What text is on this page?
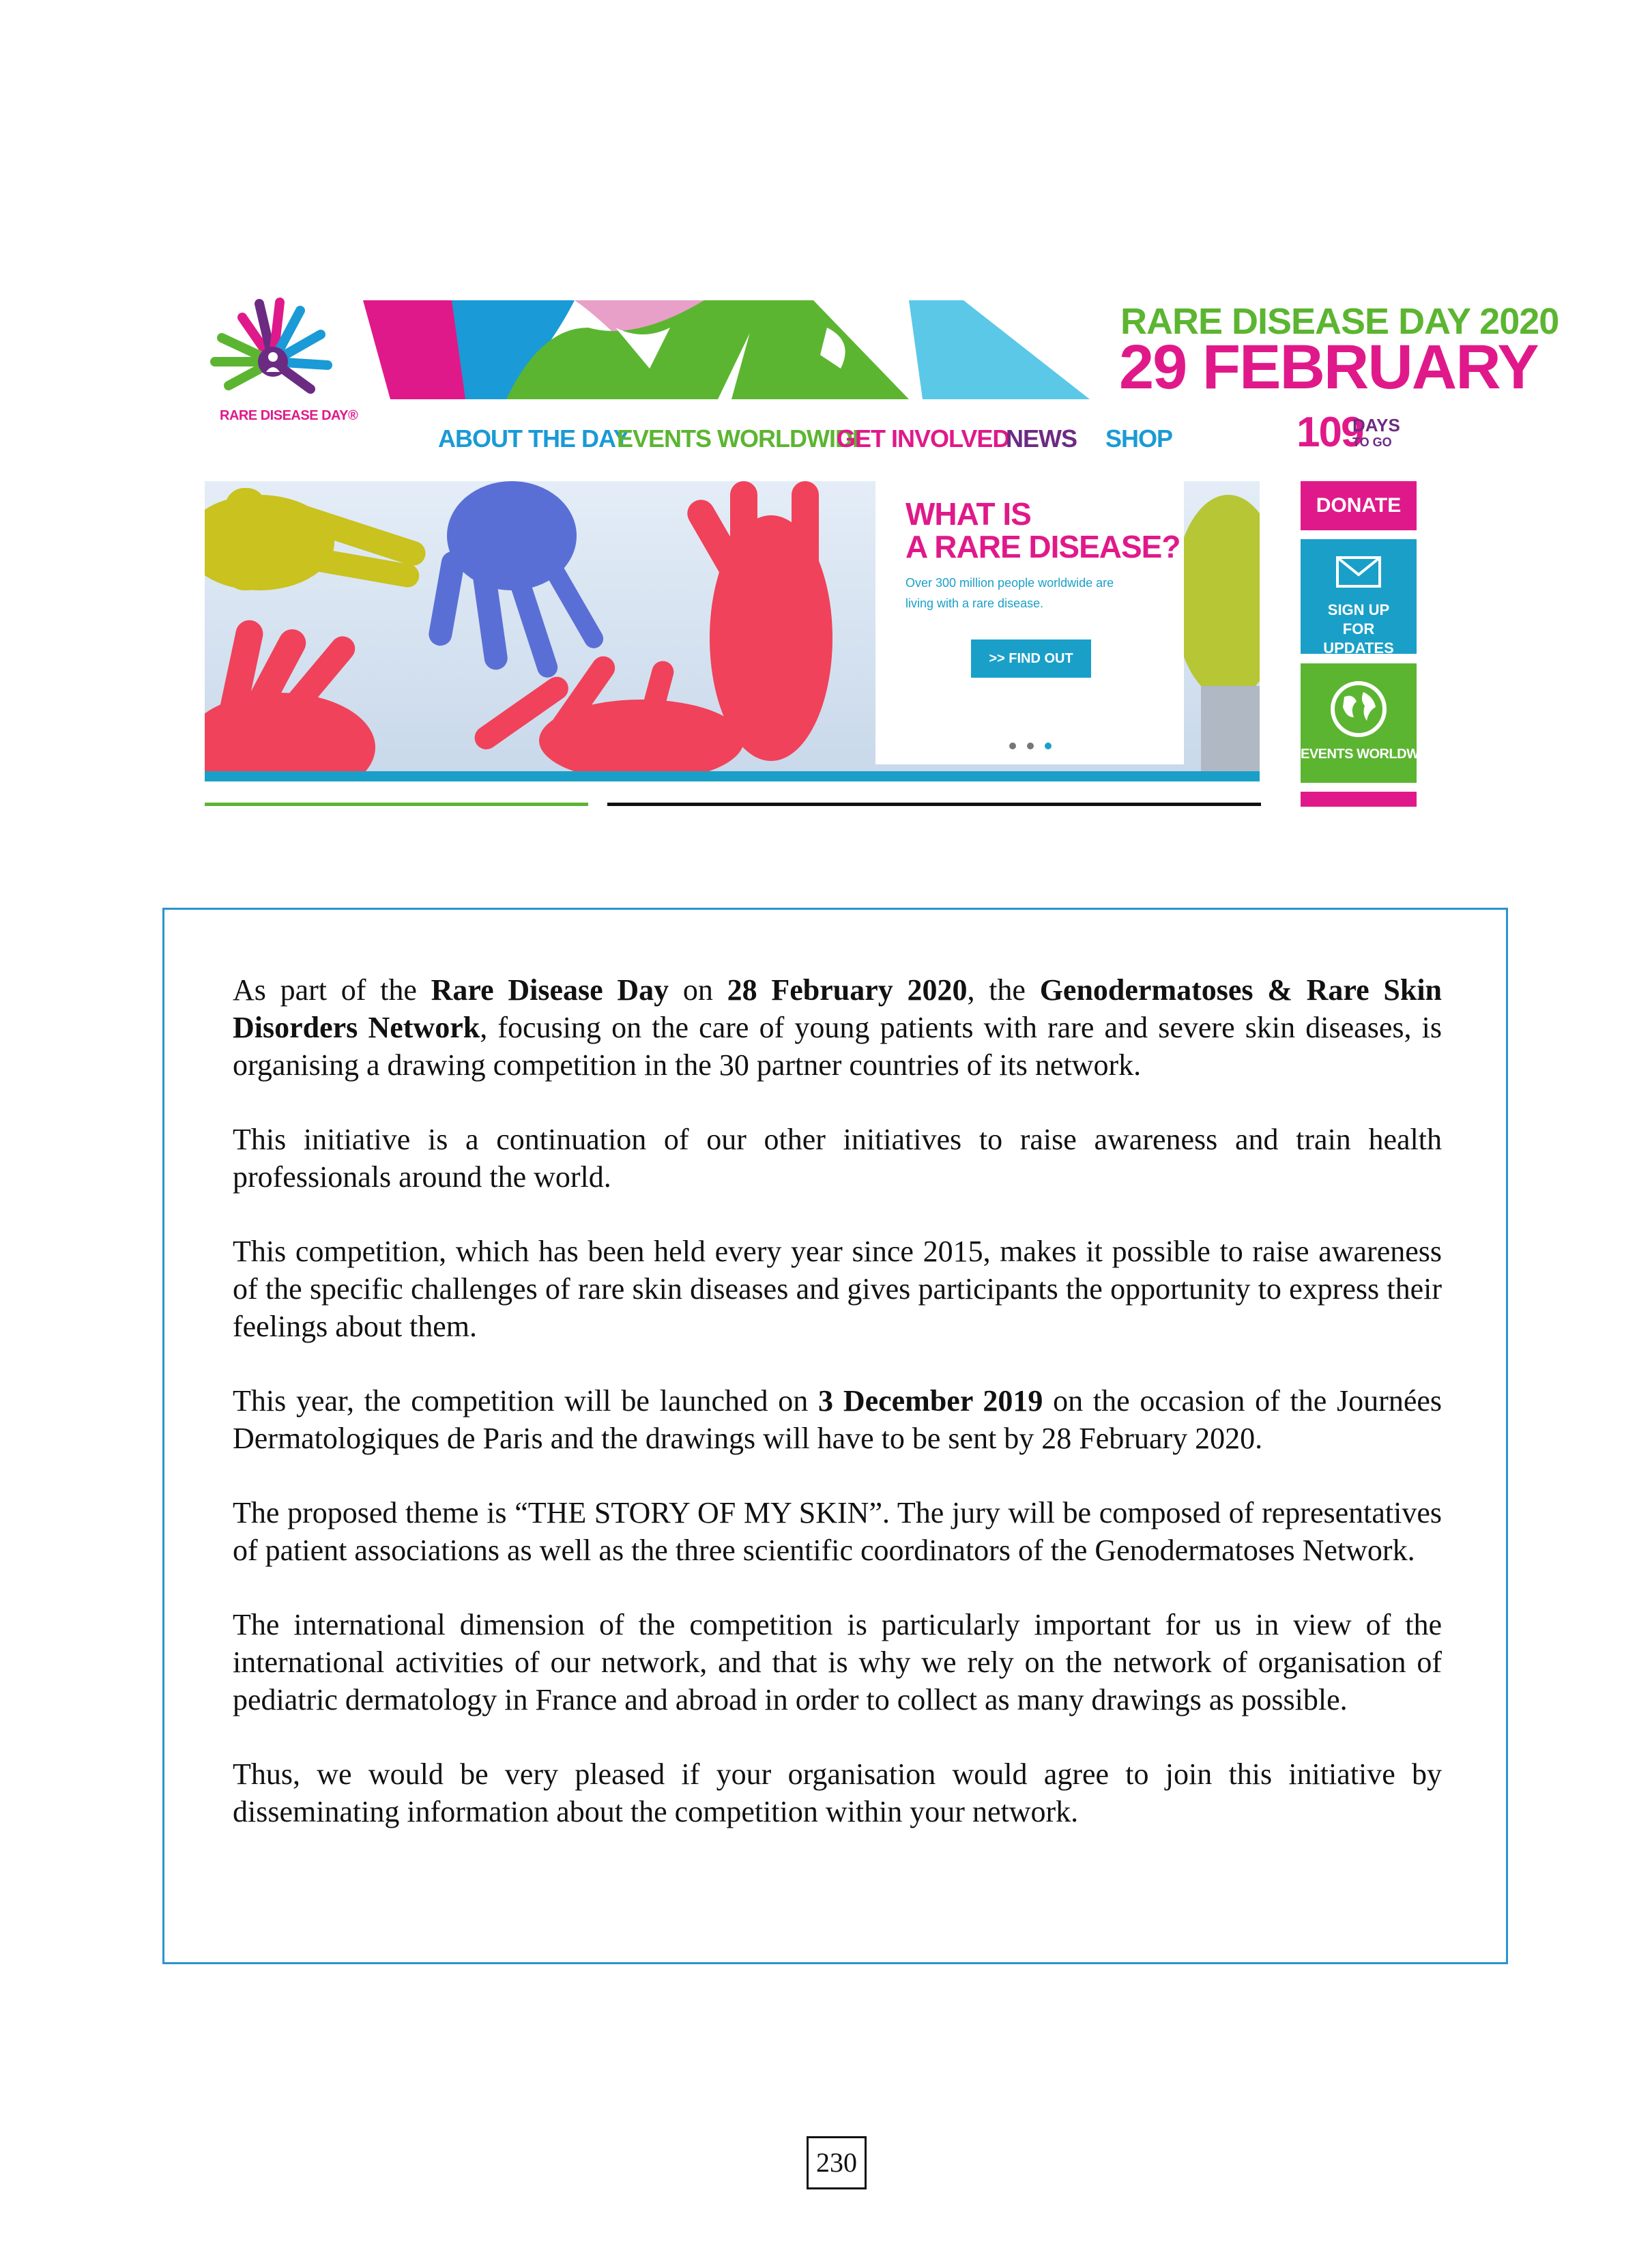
RARE DISEASE DAY®
RARE DISEASE DAY 2020
29 FEBRUARY
ABOUT THE DAY
EVENTS WORLDWIDE
GET INVOLVED
NEWS SHOP	109
DAYS
TO GO
WHAT IS
A RARE DISEASE?
Over 300 million people worldwide are living with a rare disease.
>> FIND OUT MORE
DONATE
SIGN UP FOR UPDATES
EVENTS WORLDWIDE

As part of the Rare Disease Day on 28 February 2020, the Genodermatoses & Rare Skin Disorders Network, focusing on the care of young patients with rare and severe skin diseases, is organising a drawing competition in the 30 partner countries of its network.

This initiative is a continuation of our other initiatives to raise awareness and train health professionals around the world.

This competition, which has been held every year since 2015, makes it possible to raise awareness of the specific challenges of rare skin diseases and gives participants the opportunity to express their feelings about them.

This year, the competition will be launched on 3 December 2019 on the occasion of the Journées Dermatologiques de Paris and the drawings will have to be sent by 28 February 2020.

The proposed theme is “THE STORY OF MY SKIN”. The jury will be composed of representatives of patient associations as well as the three scientific coordinators of the Genodermatoses Network.

The international dimension of the competition is particularly important for us in view of the international activities of our network, and that is why we rely on the network of organisation of pediatric dermatology in France and abroad in order to collect as many drawings as possible.

Thus, we would be very pleased if your organisation would agree to join this initiative by disseminating information about the competition within your network.

230
